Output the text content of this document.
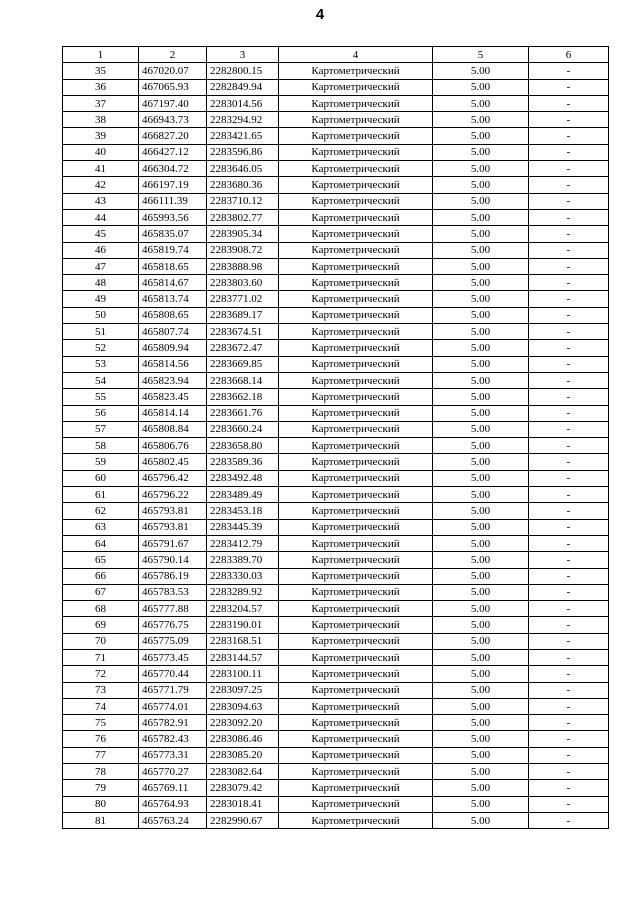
4
1	2	3	4	5	6
35	467020.07	2282800.15	Картометрический	5.00	-
36	467065.93	2282849.94	Картометрический	5.00	-
37	467197.40	2283014.56	Картометрический	5.00	-
38	466943.73	2283294.92	Картометрический	5.00	-
39	466827.20	2283421.65	Картометрический	5.00	-
40	466427.12	2283596.86	Картометрический	5.00	-
41	466304.72	2283646.05	Картометрический	5.00	-
42	466197.19	2283680.36	Картометрический	5.00	-
43	466111.39	2283710.12	Картометрический	5.00	-
44	465993.56	2283802.77	Картометрический	5.00	-
45	465835.07	2283905.34	Картометрический	5.00	-
46	465819.74	2283908.72	Картометрический	5.00	-
47	465818.65	2283888.98	Картометрический	5.00	-
48	465814.67	2283803.60	Картометрический	5.00	-
49	465813.74	2283771.02	Картометрический	5.00	-
50	465808.65	2283689.17	Картометрический	5.00	-
51	465807.74	2283674.51	Картометрический	5.00	-
52	465809.94	2283672.47	Картометрический	5.00	-
53	465814.56	2283669.85	Картометрический	5.00	-
54	465823.94	2283668.14	Картометрический	5.00	-
55	465823.45	2283662.18	Картометрический	5.00	-
56	465814.14	2283661.76	Картометрический	5.00	-
57	465808.84	2283660.24	Картометрический	5.00	-
58	465806.76	2283658.80	Картометрический	5.00	-
59	465802.45	2283589.36	Картометрический	5.00	-
60	465796.42	2283492.48	Картометрический	5.00	-
61	465796.22	2283489.49	Картометрический	5.00	-
62	465793.81	2283453.18	Картометрический	5.00	-
63	465793.81	2283445.39	Картометрический	5.00	-
64	465791.67	2283412.79	Картометрический	5.00	-
65	465790.14	2283389.70	Картометрический	5.00	-
66	465786.19	2283330.03	Картометрический	5.00	-
67	465783.53	2283289.92	Картометрический	5.00	-
68	465777.88	2283204.57	Картометрический	5.00	-
69	465776.75	2283190.01	Картометрический	5.00	-
70	465775.09	2283168.51	Картометрический	5.00	-
71	465773.45	2283144.57	Картометрический	5.00	-
72	465770.44	2283100.11	Картометрический	5.00	-
73	465771.79	2283097.25	Картометрический	5.00	-
74	465774.01	2283094.63	Картометрический	5.00	-
75	465782.91	2283092.20	Картометрический	5.00	-
76	465782.43	2283086.46	Картометрический	5.00	-
77	465773.31	2283085.20	Картометрический	5.00	-
78	465770.27	2283082.64	Картометрический	5.00	-
79	465769.11	2283079.42	Картометрический	5.00	-
80	465764.93	2283018.41	Картометрический	5.00	-
81	465763.24	2282990.67	Картометрический	5.00	-
